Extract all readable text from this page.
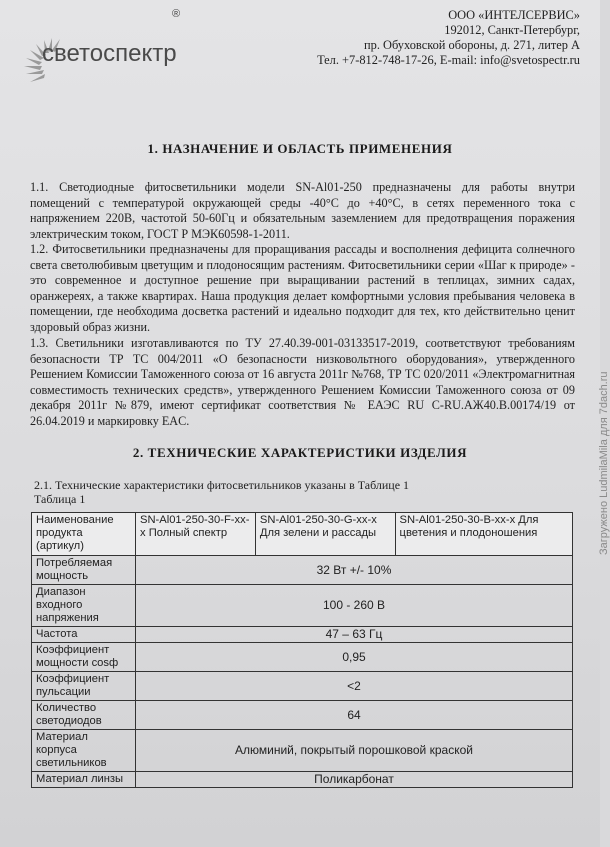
светоспектр
®	ООО «ИНТЕЛСЕРВИС»
192012, Санкт-Петербург,
пр. Обуховской обороны, д. 271, литер А
Тел. +7-812-748-17-26, E-mail: info@svetospectr.ru
1. НАЗНАЧЕНИЕ И ОБЛАСТЬ ПРИМЕНЕНИЯ
1.1. Светодиодные фитосветильники модели SN-Al01-250 предназначены для работы внутри помещений с температурой окружающей среды -40°С до +40°С, в сетях переменного тока с напряжением 220В, частотой 50-60Гц и обязательным заземлением для предотвращения поражения электрическим током, ГОСТ Р МЭК60598-1-2011.
1.2. Фитосветильники предназначены для проращивания рассады и восполнения дефицита солнечного света светолюбивым цветущим и плодоносящим растениям. Фитосветильники серии «Шаг к природе» - это современное и доступное решение при выращивании растений в теплицах, зимних садах, оранжереях, а также квартирах. Наша продукция делает комфортными условия пребывания человека в помещении, где необходима досветка растений и идеально подходит для тех, кто действительно ценит здоровый образ жизни.
1.3. Светильники изготавливаются по ТУ 27.40.39-001-03133517-2019, соответствуют требованиям безопасности ТР ТС 004/2011 «О безопасности низковольтного оборудования», утвержденного Решением Комиссии Таможенного союза от 16 августа 2011г №768, ТР ТС 020/2011 «Электромагнитная совместимость технических средств», утвержденного Решением Комиссии Таможенного союза от 09 декабря 2011г №879, имеют сертификат соответствия № ЕАЭС RU С-RU.АЖ40.В.00174/19 от 26.04.2019 и маркировку EAC.
2. ТЕХНИЧЕСКИЕ ХАРАКТЕРИСТИКИ ИЗДЕЛИЯ
2.1. Технические характеристики фитосветильников указаны в Таблице 1
Таблица 1
Наименование продукта (артикул)	SN-Al01-250-30-F-xx-x Полный спектр	SN-Al01-250-30-G-xx-x Для зелени и рассады	SN-Al01-250-30-B-xx-x Для цветения и плодоношения
Потребляемая мощность	32 Вт +/- 10%		
Диапазон входного напряжения	100 - 260 В		
Частота	47 – 63 Гц		
Коэффициент мощности cosф	0,95		
Коэффициент пульсации	<2		
Количество светодиодов	64		
Материал корпуса светильников	Алюминий, покрытый порошковой краской		
Материал линзы	Поликарбонат		
Загружено LudmilaMila для 7dach.ru
